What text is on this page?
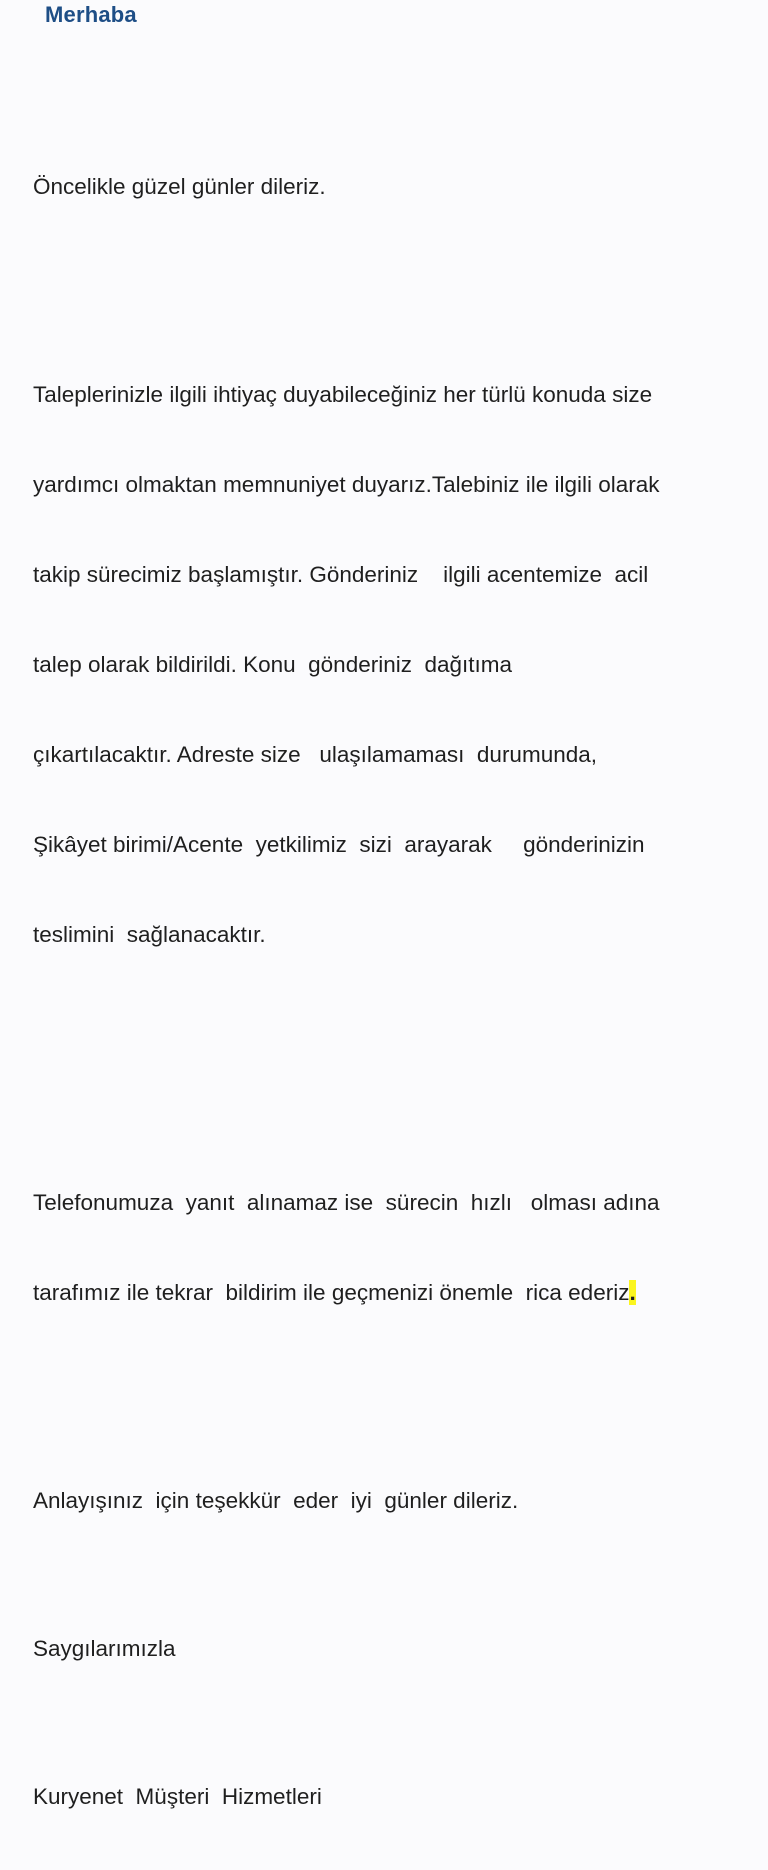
Merhaba

Öncelikle güzel günler dileriz.

Taleplerinizle ilgili ihtiyaç duyabileceğiniz her türlü konuda size

yardımcı olmaktan memnuniyet duyarız.Talebiniz ile ilgili olarak

takip sürecimiz başlamıştır. Gönderiniz    ilgili acentemize  acil

talep olarak bildirildi. Konu  gönderiniz  dağıtıma

çıkartılacaktır. Adreste size   ulaşılamaması  durumunda,

Şikâyet birimi/Acente  yetkilimiz  sizi  arayarak     gönderinizin

teslimini  sağlanacaktır.

Telefonumuza  yanıt  alınamaz ise  sürecin  hızlı   olması adına

tarafımız ile tekrar  bildirim ile geçmenizi önemle  rica ederiz.

Anlayışınız  için teşekkür  eder  iyi  günler dileriz.

Saygılarımızla

Kuryenet  Müşteri  Hizmetleri
